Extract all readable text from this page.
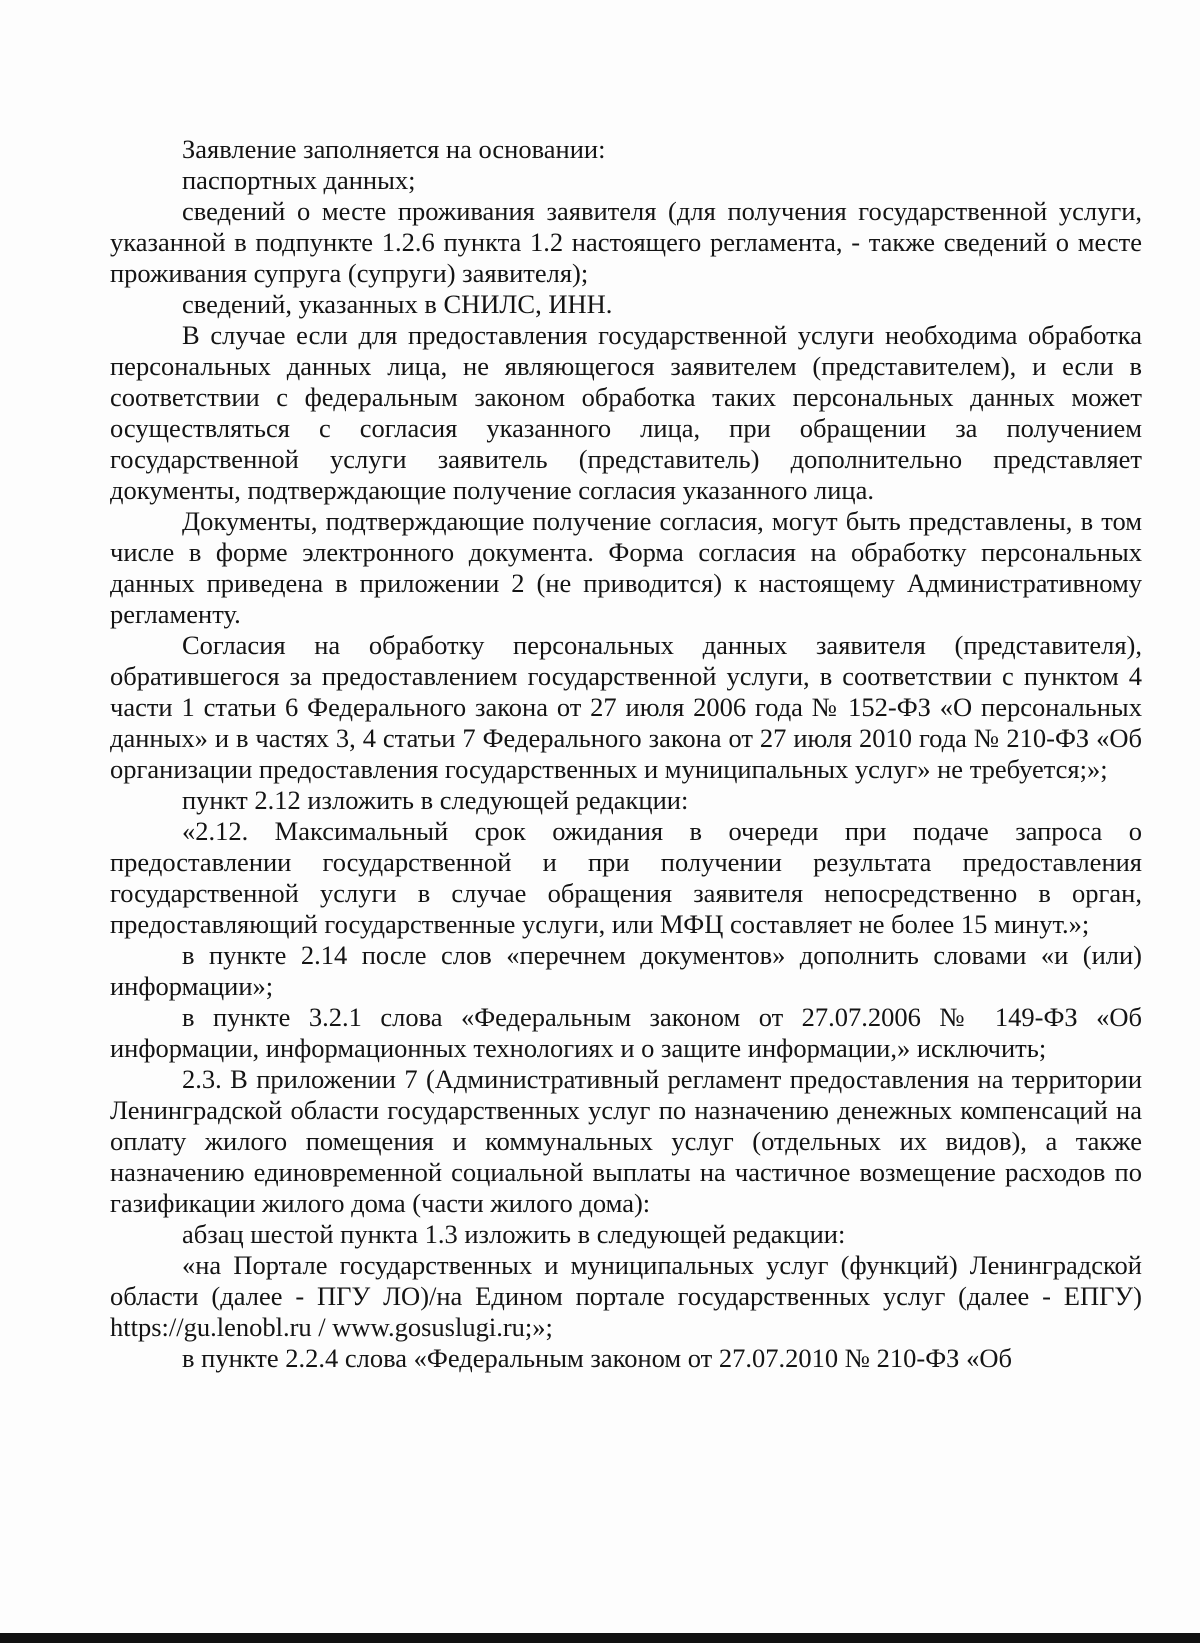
Заявление заполняется на основании:

паспортных данных;

сведений о месте проживания заявителя (для получения государственной услуги, указанной в подпункте 1.2.6 пункта 1.2 настоящего регламента, - также сведений о месте проживания супруга (супруги) заявителя);

сведений, указанных в СНИЛС, ИНН.

В случае если для предоставления государственной услуги необходима обработка персональных данных лица, не являющегося заявителем (представителем), и если в соответствии с федеральным законом обработка таких персональных данных может осуществляться с согласия указанного лица, при обращении за получением государственной услуги заявитель (представитель) дополнительно представляет документы, подтверждающие получение согласия указанного лица.

Документы, подтверждающие получение согласия, могут быть представлены, в том числе в форме электронного документа. Форма согласия на обработку персональных данных приведена в приложении 2 (не приводится) к настоящему Административному регламенту.

Согласия на обработку персональных данных заявителя (представителя), обратившегося за предоставлением государственной услуги, в соответствии с пунктом 4 части 1 статьи 6 Федерального закона от 27 июля 2006 года № 152-ФЗ «О персональных данных» и в частях 3, 4 статьи 7 Федерального закона от 27 июля 2010 года № 210-ФЗ «Об организации предоставления государственных и муниципальных услуг» не требуется;»;

пункт 2.12 изложить в следующей редакции:

«2.12. Максимальный срок ожидания в очереди при подаче запроса о предоставлении государственной и при получении результата предоставления государственной услуги в случае обращения заявителя непосредственно в орган, предоставляющий государственные услуги, или МФЦ составляет не более 15 минут.»;

в пункте 2.14 после слов «перечнем документов» дополнить словами «и (или) информации»;

в пункте 3.2.1 слова «Федеральным законом от 27.07.2006 № 149-ФЗ «Об информации, информационных технологиях и о защите информации,» исключить;

2.3. В приложении 7 (Административный регламент предоставления на территории Ленинградской области государственных услуг по назначению денежных компенсаций на оплату жилого помещения и коммунальных услуг (отдельных их видов), а также назначению единовременной социальной выплаты на частичное возмещение расходов по газификации жилого дома (части жилого дома):

абзац шестой пункта 1.3 изложить в следующей редакции:

«на Портале государственных и муниципальных услуг (функций) Ленинградской области (далее - ПГУ ЛО)/на Едином портале государственных услуг (далее - ЕПГУ) https://gu.lenobl.ru / www.gosuslugi.ru;»;

в пункте 2.2.4 слова «Федеральным законом от 27.07.2010 № 210-ФЗ «Об
